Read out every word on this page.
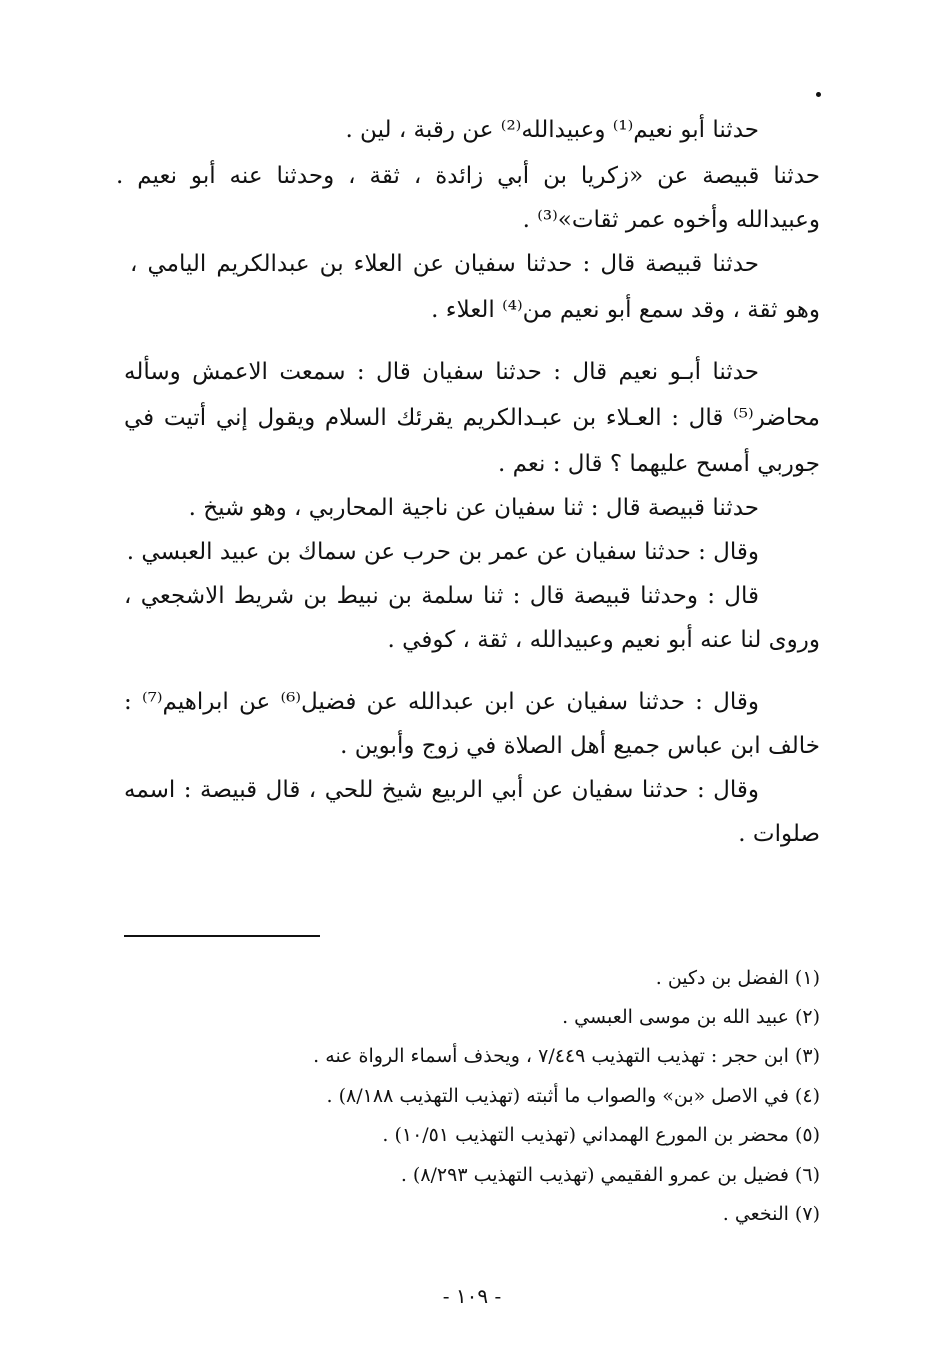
حدثنا أبو نعيم⁽¹⁾ وعبيدالله⁽²⁾ عن رقبة ، لين .
حدثنا قبيصة عن «زكريا بن أبي زائدة ، ثقة ، وحدثنا عنه أبو نعيم .
وعبيدالله وأخوه عمر ثقات»⁽³⁾ .
حدثنا قبيصة قال : حدثنا سفيان عن العلاء بن عبدالكريم اليامي ،
وهو ثقة ، وقد سمع أبو نعيم من⁽⁴⁾ العلاء .
حدثنا أبـو نعيم قال : حدثنا سفيان قال : سمعت الاعمش وسأله
محاضر⁽⁵⁾ قال : العـلاء بن عبـدالكريم يقرئك السلام ويقول إني أتيت في
جوربي أمسح عليهما ؟ قال : نعم .
حدثنا قبيصة قال : ثنا سفيان عن ناجية المحاربي ، وهو شيخ .
وقال : حدثنا سفيان عن عمر بن حرب عن سماك بن عبيد العبسي .
قال : وحدثنا قبيصة قال : ثنا سلمة بن نبيط بن شريط الاشجعي ،
وروى لنا عنه أبو نعيم وعبيدالله ، ثقة ، كوفي .
وقال : حدثنا سفيان عن ابن عبدالله عن فضيل⁽⁶⁾ عن ابراهيم⁽⁷⁾ :
خالف ابن عباس جميع أهل الصلاة في زوج وأبوين .
وقال : حدثنا سفيان عن أبي الربيع شيخ للحي ، قال قبيصة : اسمه
صلوات .
(١) الفضل بن دكين .
(٢) عبيد الله بن موسى العبسي .
(٣) ابن حجر : تهذيب التهذيب ٧/٤٤٩ ، ويحذف أسماء الرواة عنه .
(٤) في الاصل «بن» والصواب ما أثبته (تهذيب التهذيب ٨/١٨٨) .
(٥) محضر بن المورع الهمداني (تهذيب التهذيب ١٠/٥١) .
(٦) فضيل بن عمرو الفقيمي (تهذيب التهذيب ٨/٢٩٣) .
(٧) النخعي .
- ١٠٩ -
